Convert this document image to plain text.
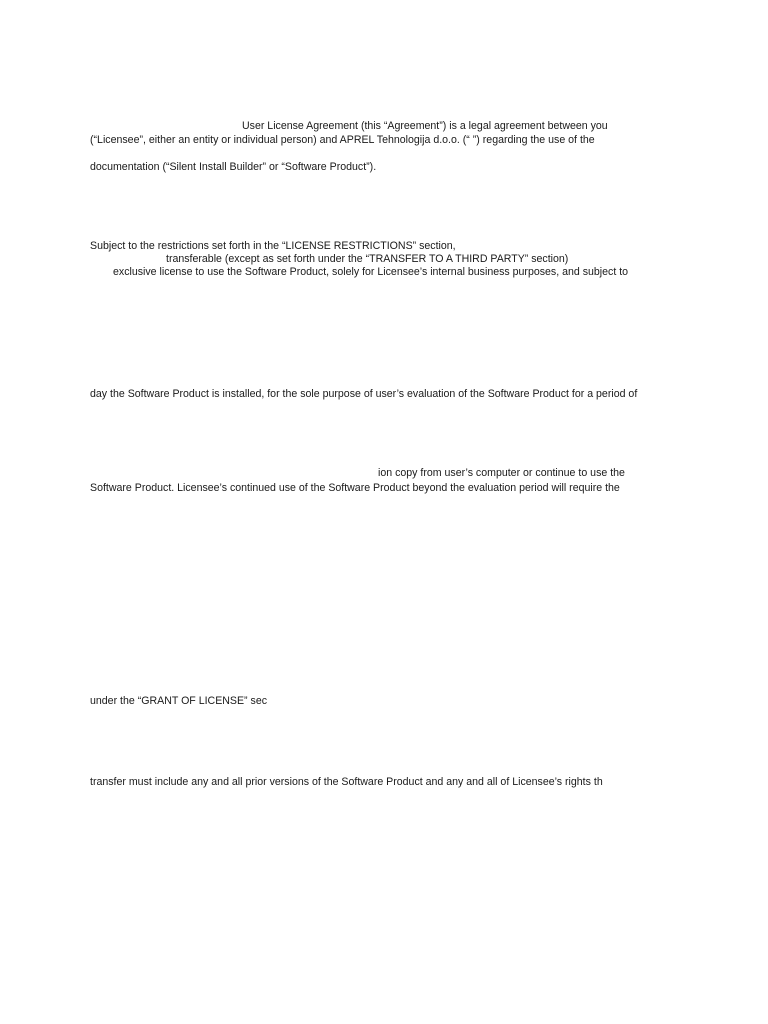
User License Agreement (this “Agreement”) is a legal agreement between you

(“Licensee”, either an entity or individual person) and APREL Tehnologija d.o.o. (“ ”) regarding the use of the

documentation (“Silent Install Builder” or “Software Product”).

Subject to the restrictions set forth in the “LICENSE RESTRICTIONS” section,

transferable (except as set forth under the “TRANSFER TO A THIRD PARTY” section)

exclusive license to use the Software Product, solely for Licensee’s internal business purposes, and subject to

day the Software Product is installed, for the sole purpose of user’s evaluation of the Software Product for a period of

ion copy from user’s computer or continue to use the

Software Product. Licensee’s continued use of the Software Product beyond the evaluation period will require the

under the “GRANT OF LICENSE” sec

transfer must include any and all prior versions of the Software Product and any and all of Licensee’s rights th
